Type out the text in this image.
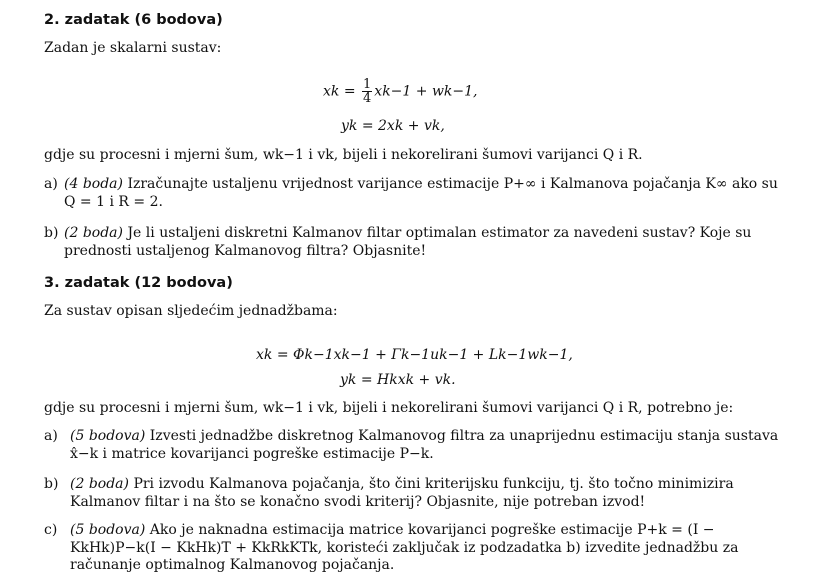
2. zadatak (6 bodova)
Zadan je skalarni sustav:
xk = $\frac{1}{4} xk-1 + wk-1$,
yk = 2xk + vk,
gdje su procesni i mjerni šum, wk−1 i vk, bijeli i nekorelirani šumovi varijanci Q i R.
a) (4 boda) Izračunajte ustaljenu vrijednost varijance estimacije P+∞ i Kalmanova pojačanja K∞ ako su Q = 1 i R = 2.
b) (2 boda) Je li ustaljeni diskretni Kalmanov filtar optimalan estimator za navedeni sustav? Koje su prednosti ustaljenog Kalmanovog filtra? Objasnite!
3. zadatak (12 bodova)
Za sustav opisan sljedećim jednadžbama:
xk = Φk−1xk−1 + Γk−1uk−1 + Lk−1wk−1,
yk = Hkxk + vk.
gdje su procesni i mjerni šum, wk−1 i vk, bijeli i nekorelirani šumovi varijanci Q i R, potrebno je:
a) (5 bodova) Izvesti jednadžbe diskretnog Kalmanovog filtra za unaprijednu estimaciju stanja sustava x̂−k i matrice kovarijanci pogreške estimacije P−k.
b) (2 boda) Pri izvodu Kalmanova pojačanja, što čini kriterijsku funkciju, tj. što točno minimizira Kalmanov filtar i na što se konačno svodi kriterij? Objasnite, nije potreban izvod!
c) (5 bodova) Ako je naknadna estimacija matrice kovarijanci pogreške estimacije P+k = (I − KkHk)P−k(I − KkHk)T + KkRkKTk, koristeći zaključak iz podzadatka b) izvedite jednadžbu za računanje optimalnog Kalmanovog pojačanja.
